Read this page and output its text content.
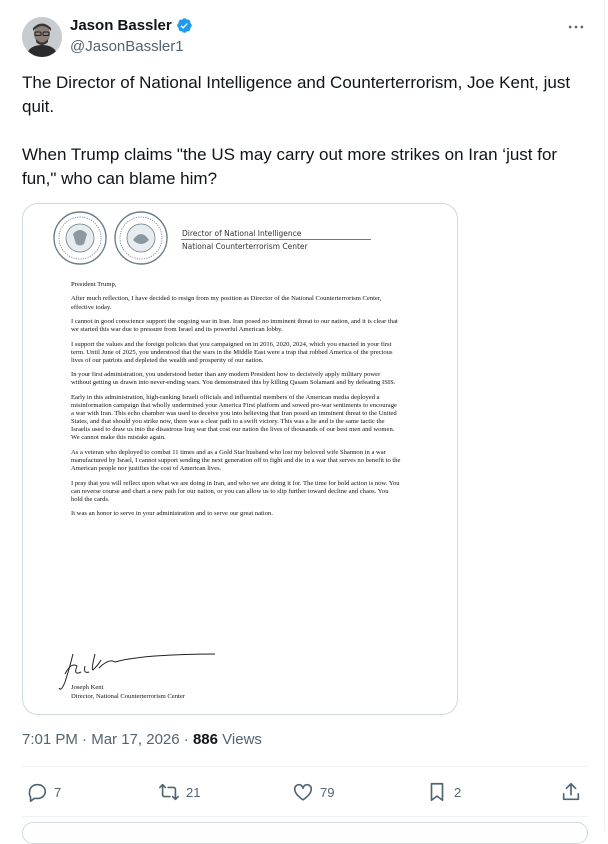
Jason Bassler
@JasonBassler1
The Director of National Intelligence and Counterterrorism, Joe Kent, just quit.

When Trump claims "the US may carry out more strikes on Iran ‘just for fun," who can blame him?
Director of National Intelligence
National Counterterrorism Center

President Trump,

After much reflection, I have decided to resign from my position as Director of the National Counterterrorism Center, effective today.

I cannot in good conscience support the ongoing war in Iran. Iran posed no imminent threat to our nation, and it is clear that we started this war due to pressure from Israel and its powerful American lobby.

I support the values and the foreign policies that you campaigned on in 2016, 2020, 2024, which you enacted in your first term. Until June of 2025, you understood that the wars in the Middle East were a trap that robbed America of the precious lives of our patriots and depleted the wealth and prosperity of our nation.

In your first administration, you understood better than any modern President how to decisively apply military power without getting us drawn into never-ending wars. You demonstrated this by killing Qasam Solamani and by defeating ISIS.

Early in this administration, high-ranking Israeli officials and influential members of the American media deployed a misinformation campaign that wholly undermined your America First platform and sowed pro-war sentiments to encourage a war with Iran. This echo chamber was used to deceive you into believing that Iran posed an imminent threat to the United States, and that should you strike now, there was a clear path to a swift victory. This was a lie and is the same tactic the Israelis used to draw us into the disastrous Iraq war that cost our nation the lives of thousands of our best men and women. We cannot make this mistake again.

As a veteran who deployed to combat 11 times and as a Gold Star husband who lost my beloved wife Shannon in a war manufactured by Israel, I cannot support sending the next generation off to fight and die in a war that serves no benefit to the American people nor justifies the cost of American lives.

I pray that you will reflect upon what we are doing in Iran, and who we are doing it for. The time for bold action is now. You can reverse course and chart a new path for our nation, or you can allow us to slip further toward decline and chaos. You hold the cards.

It was an honor to serve in your administration and to serve our great nation.

Joseph Kent
Director, National Counterterrorism Center
7:01 PM · Mar 17, 2026 · 886 Views
7	21	79	2
